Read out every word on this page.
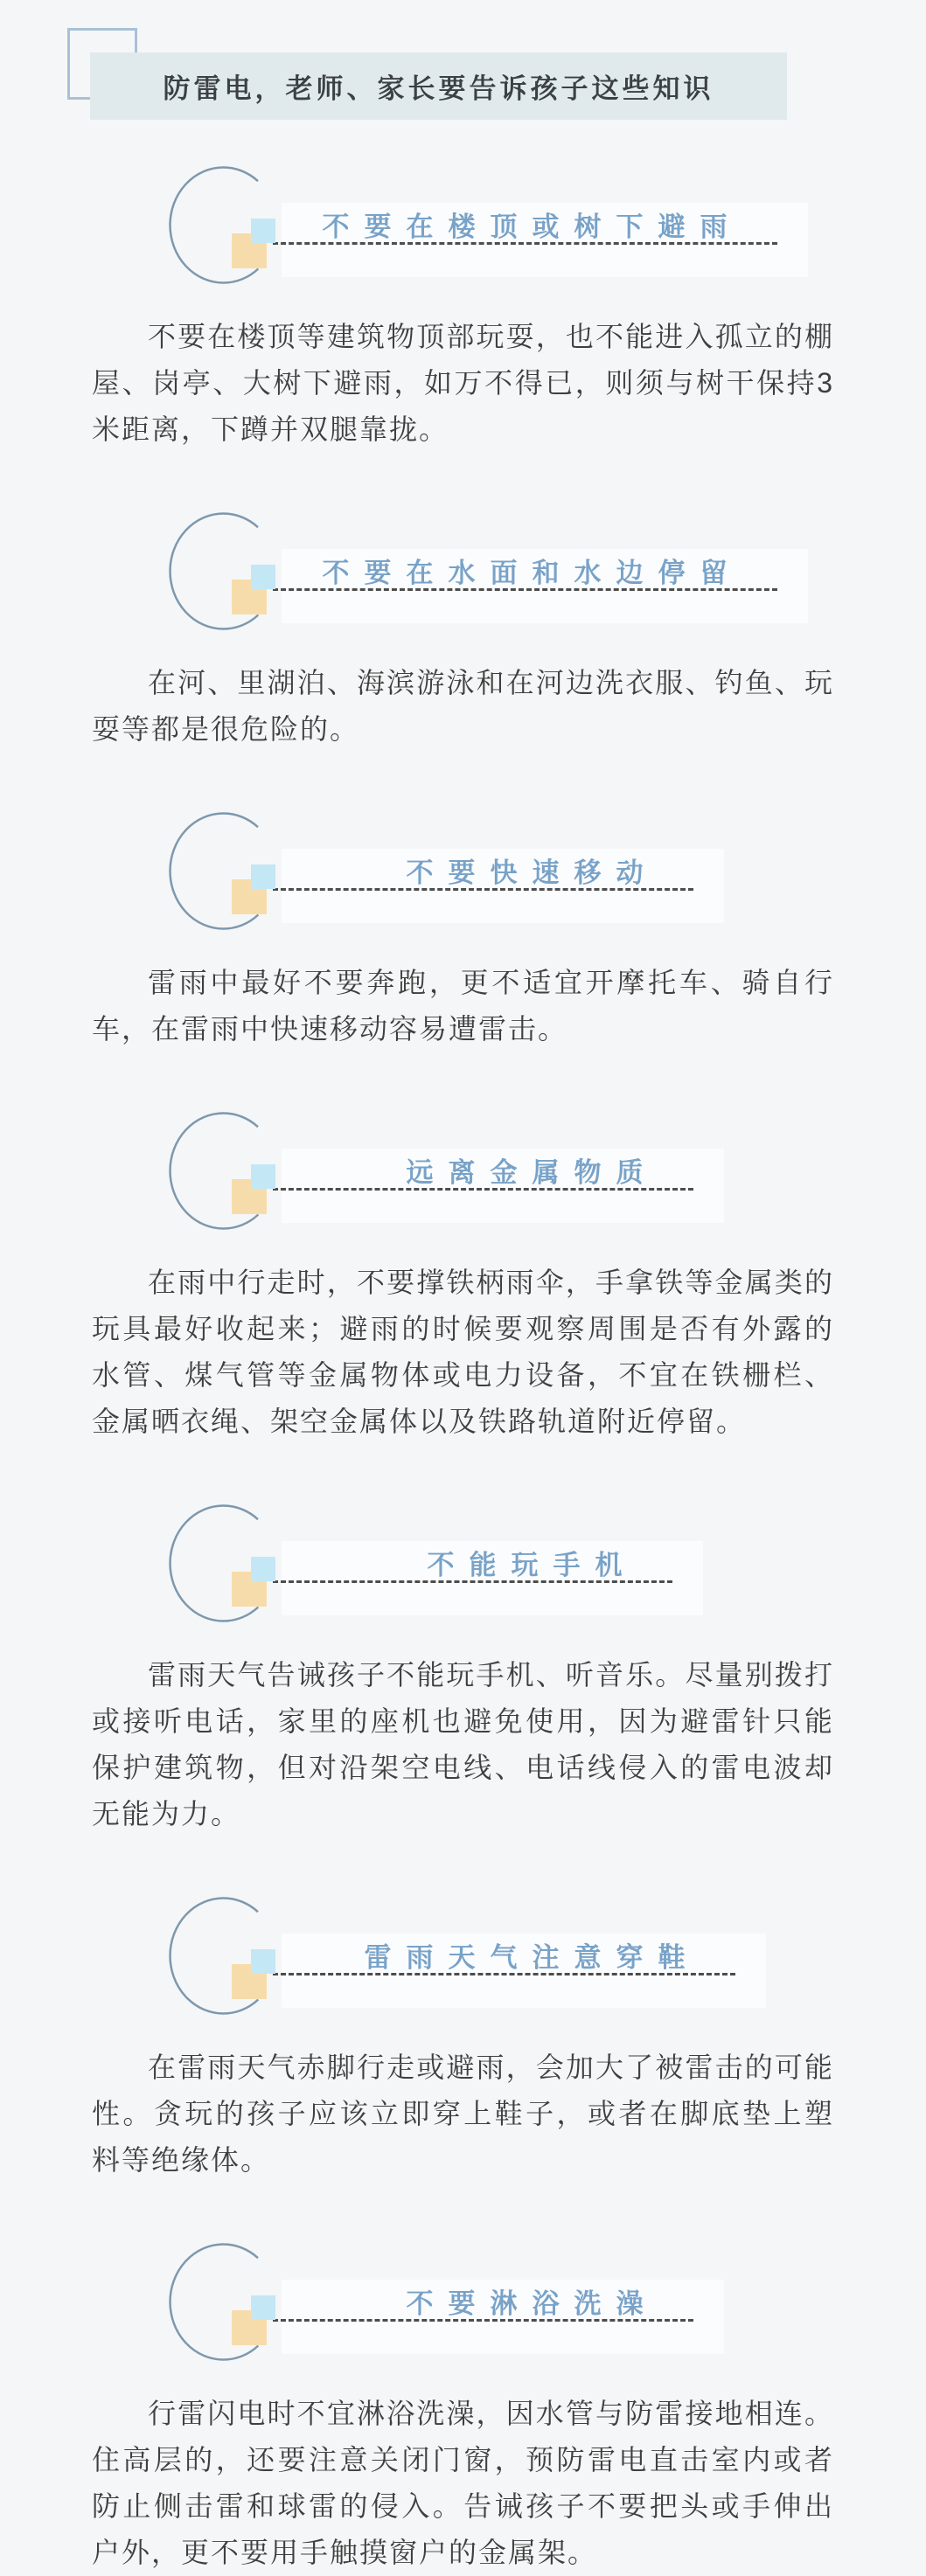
防雷电，老师、家长要告诉孩子这些知识
不要在楼顶或树下避雨

不要在楼顶等建筑物顶部玩耍，也不能进入孤立的棚屋、岗亭、大树下避雨，如万不得已，则须与树干保持3米距离，下蹲并双腿靠拢。

不要在水面和水边停留

在河、里湖泊、海滨游泳和在河边洗衣服、钓鱼、玩耍等都是很危险的。

不要快速移动

雷雨中最好不要奔跑，更不适宜开摩托车、骑自行车，在雷雨中快速移动容易遭雷击。

远离金属物质

在雨中行走时，不要撑铁柄雨伞，手拿铁等金属类的玩具最好收起来；避雨的时候要观察周围是否有外露的水管、煤气管等金属物体或电力设备，不宜在铁栅栏、金属晒衣绳、架空金属体以及铁路轨道附近停留。

不能玩手机

雷雨天气告诫孩子不能玩手机、听音乐。尽量别拨打或接听电话，家里的座机也避免使用，因为避雷针只能保护建筑物，但对沿架空电线、电话线侵入的雷电波却无能为力。

雷雨天气注意穿鞋

在雷雨天气赤脚行走或避雨，会加大了被雷击的可能性。贪玩的孩子应该立即穿上鞋子，或者在脚底垫上塑料等绝缘体。

不要淋浴洗澡

行雷闪电时不宜淋浴洗澡，因水管与防雷接地相连。住高层的，还要注意关闭门窗，预防雷电直击室内或者防止侧击雷和球雷的侵入。告诫孩子不要把头或手伸出户外，更不要用手触摸窗户的金属架。
